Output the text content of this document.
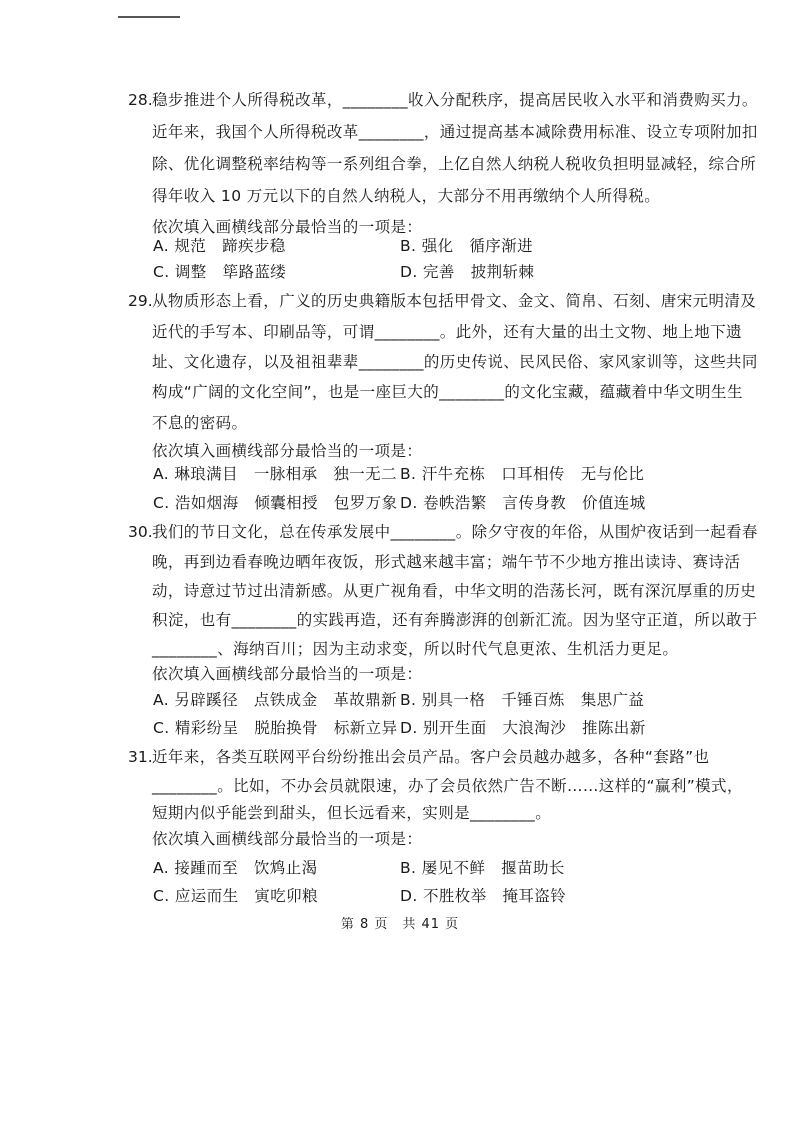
28. 稳步推进个人所得税改革，________收入分配秩序，提高居民收入水平和消费购买力。
近年来，我国个人所得税改革________，通过提高基本减除费用标准、设立专项附加扣
除、优化调整税率结构等一系列组合拳，上亿自然人纳税人税收负担明显减轻，综合所
得年收入 10 万元以下的自然人纳税人，大部分不用再缴纳个人所得税。
依次填入画横线部分最恰当的一项是：
A. 规范　蹄疾步稳	B. 强化　循序渐进
C. 调整　筚路蓝缕	D. 完善　披荆斩棘
29. 从物质形态上看，广义的历史典籍版本包括甲骨文、金文、简帛、石刻、唐宋元明清及
近代的手写本、印刷品等，可谓________。此外，还有大量的出土文物、地上地下遗
址、文化遗存，以及祖祖辈辈________的历史传说、民风民俗、家风家训等，这些共同
构成“广阔的文化空间”，也是一座巨大的________的文化宝藏，蕴藏着中华文明生生
不息的密码。
依次填入画横线部分最恰当的一项是：
A. 琳琅满目　一脉相承　独一无二 B. 汗牛充栋　口耳相传　无与伦比
C. 浩如烟海　倾囊相授　包罗万象 D. 卷帙浩繁　言传身教　价值连城
30. 我们的节日文化，总在传承发展中________。除夕守夜的年俗，从围炉夜话到一起看春
晚，再到边看春晚边晒年夜饭，形式越来越丰富；端午节不少地方推出读诗、赛诗活
动，诗意过节过出清新感。从更广视角看，中华文明的浩荡长河，既有深沉厚重的历史
积淀，也有________的实践再造，还有奔腾澎湃的创新汇流。因为坚守正道，所以敢于
________、海纳百川；因为主动求变，所以时代气息更浓、生机活力更足。
依次填入画横线部分最恰当的一项是：
A. 另辟蹊径　点铁成金　革故鼎新 B. 别具一格　千锤百炼　集思广益
C. 精彩纷呈　脱胎换骨　标新立异 D. 别开生面　大浪淘沙　推陈出新
31. 近年来，各类互联网平台纷纷推出会员产品。客户会员越办越多，各种“套路”也
________。比如，不办会员就限速，办了会员依然广告不断……这样的“赢利”模式，
短期内似乎能尝到甜头，但长远看来，实则是________。
依次填入画横线部分最恰当的一项是：
A. 接踵而至　饮鸩止渴	B. 屡见不鲜　揠苗助长
C. 应运而生　寅吃卯粮	D. 不胜枚举　掩耳盗铃
第 8 页　共 41 页
